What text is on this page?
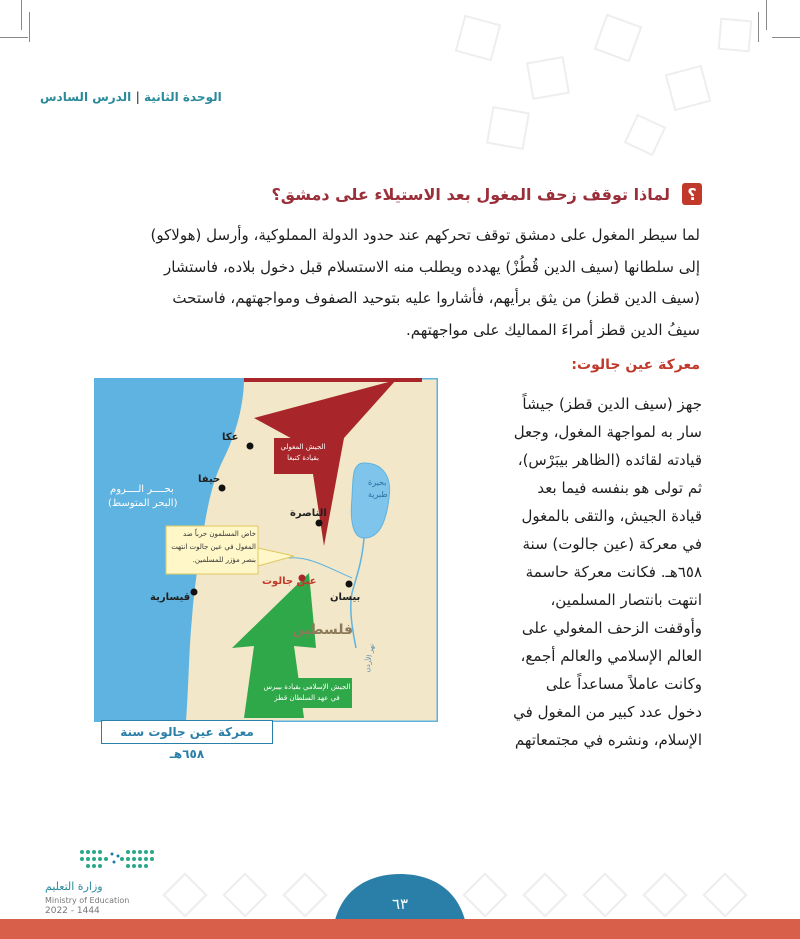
الوحدة الثانية | الدرس السادس
؟
لماذا توقف زحف المغول بعد الاستيلاء على دمشق؟

لما سيطر المغول على دمشق توقف تحركهم عند حدود الدولة المملوكية، وأرسل (هولاكو)

إلى سلطانها (سيف الدين قُطُزْ) يهدده ويطلب منه الاستسلام قبل دخول بلاده، فاستشار

(سيف الدين قطز) من يثق برأيهم، فأشاروا عليه بتوحيد الصفوف ومواجهتهم، فاستحث

سيفُ الدين قطز أمراءَ المماليك على مواجهتهم.

معركة عين جالوت:

جهز (سيف الدين قطز) جيشاً

سار به لمواجهة المغول، وجعل

قيادته لقائده (الظاهر بيبَرْس)،

ثم تولى هو بنفسه فيما بعد

قيادة الجيش، والتقى بالمغول

في معركة (عين جالوت) سنة

٦٥٨هـ. فكانت معركة حاسمة

انتهت بانتصار المسلمين،

وأوقفت الزحف المغولي على

العالم الإسلامي والعالم أجمع،

وكانت عاملاً مساعداً على

دخول عدد كبير من المغول في

الإسلام، ونشره في مجتمعاتهم

عكا
حيفا
الناصرة
قيسارية	بيسان
عين جالوت
فلسطين
بحــــر الــــروم
(البحر المتوسط)
بحيرة
طبرية
نهر الأردن
الجيش المغولي
بقيادة كتبغا
الجيش الإسلامي بقيادة بيبرس
في عهد السلطان قطز
خاض المسلمون حرباً ضد
المغول في عين جالوت انتهت
بنصر مؤزر للمسلمين.
معركة عين جالوت سنة ٦٥٨هـ
وزارة التعليم
Ministry of Education
2022 - 1444	٦٣
